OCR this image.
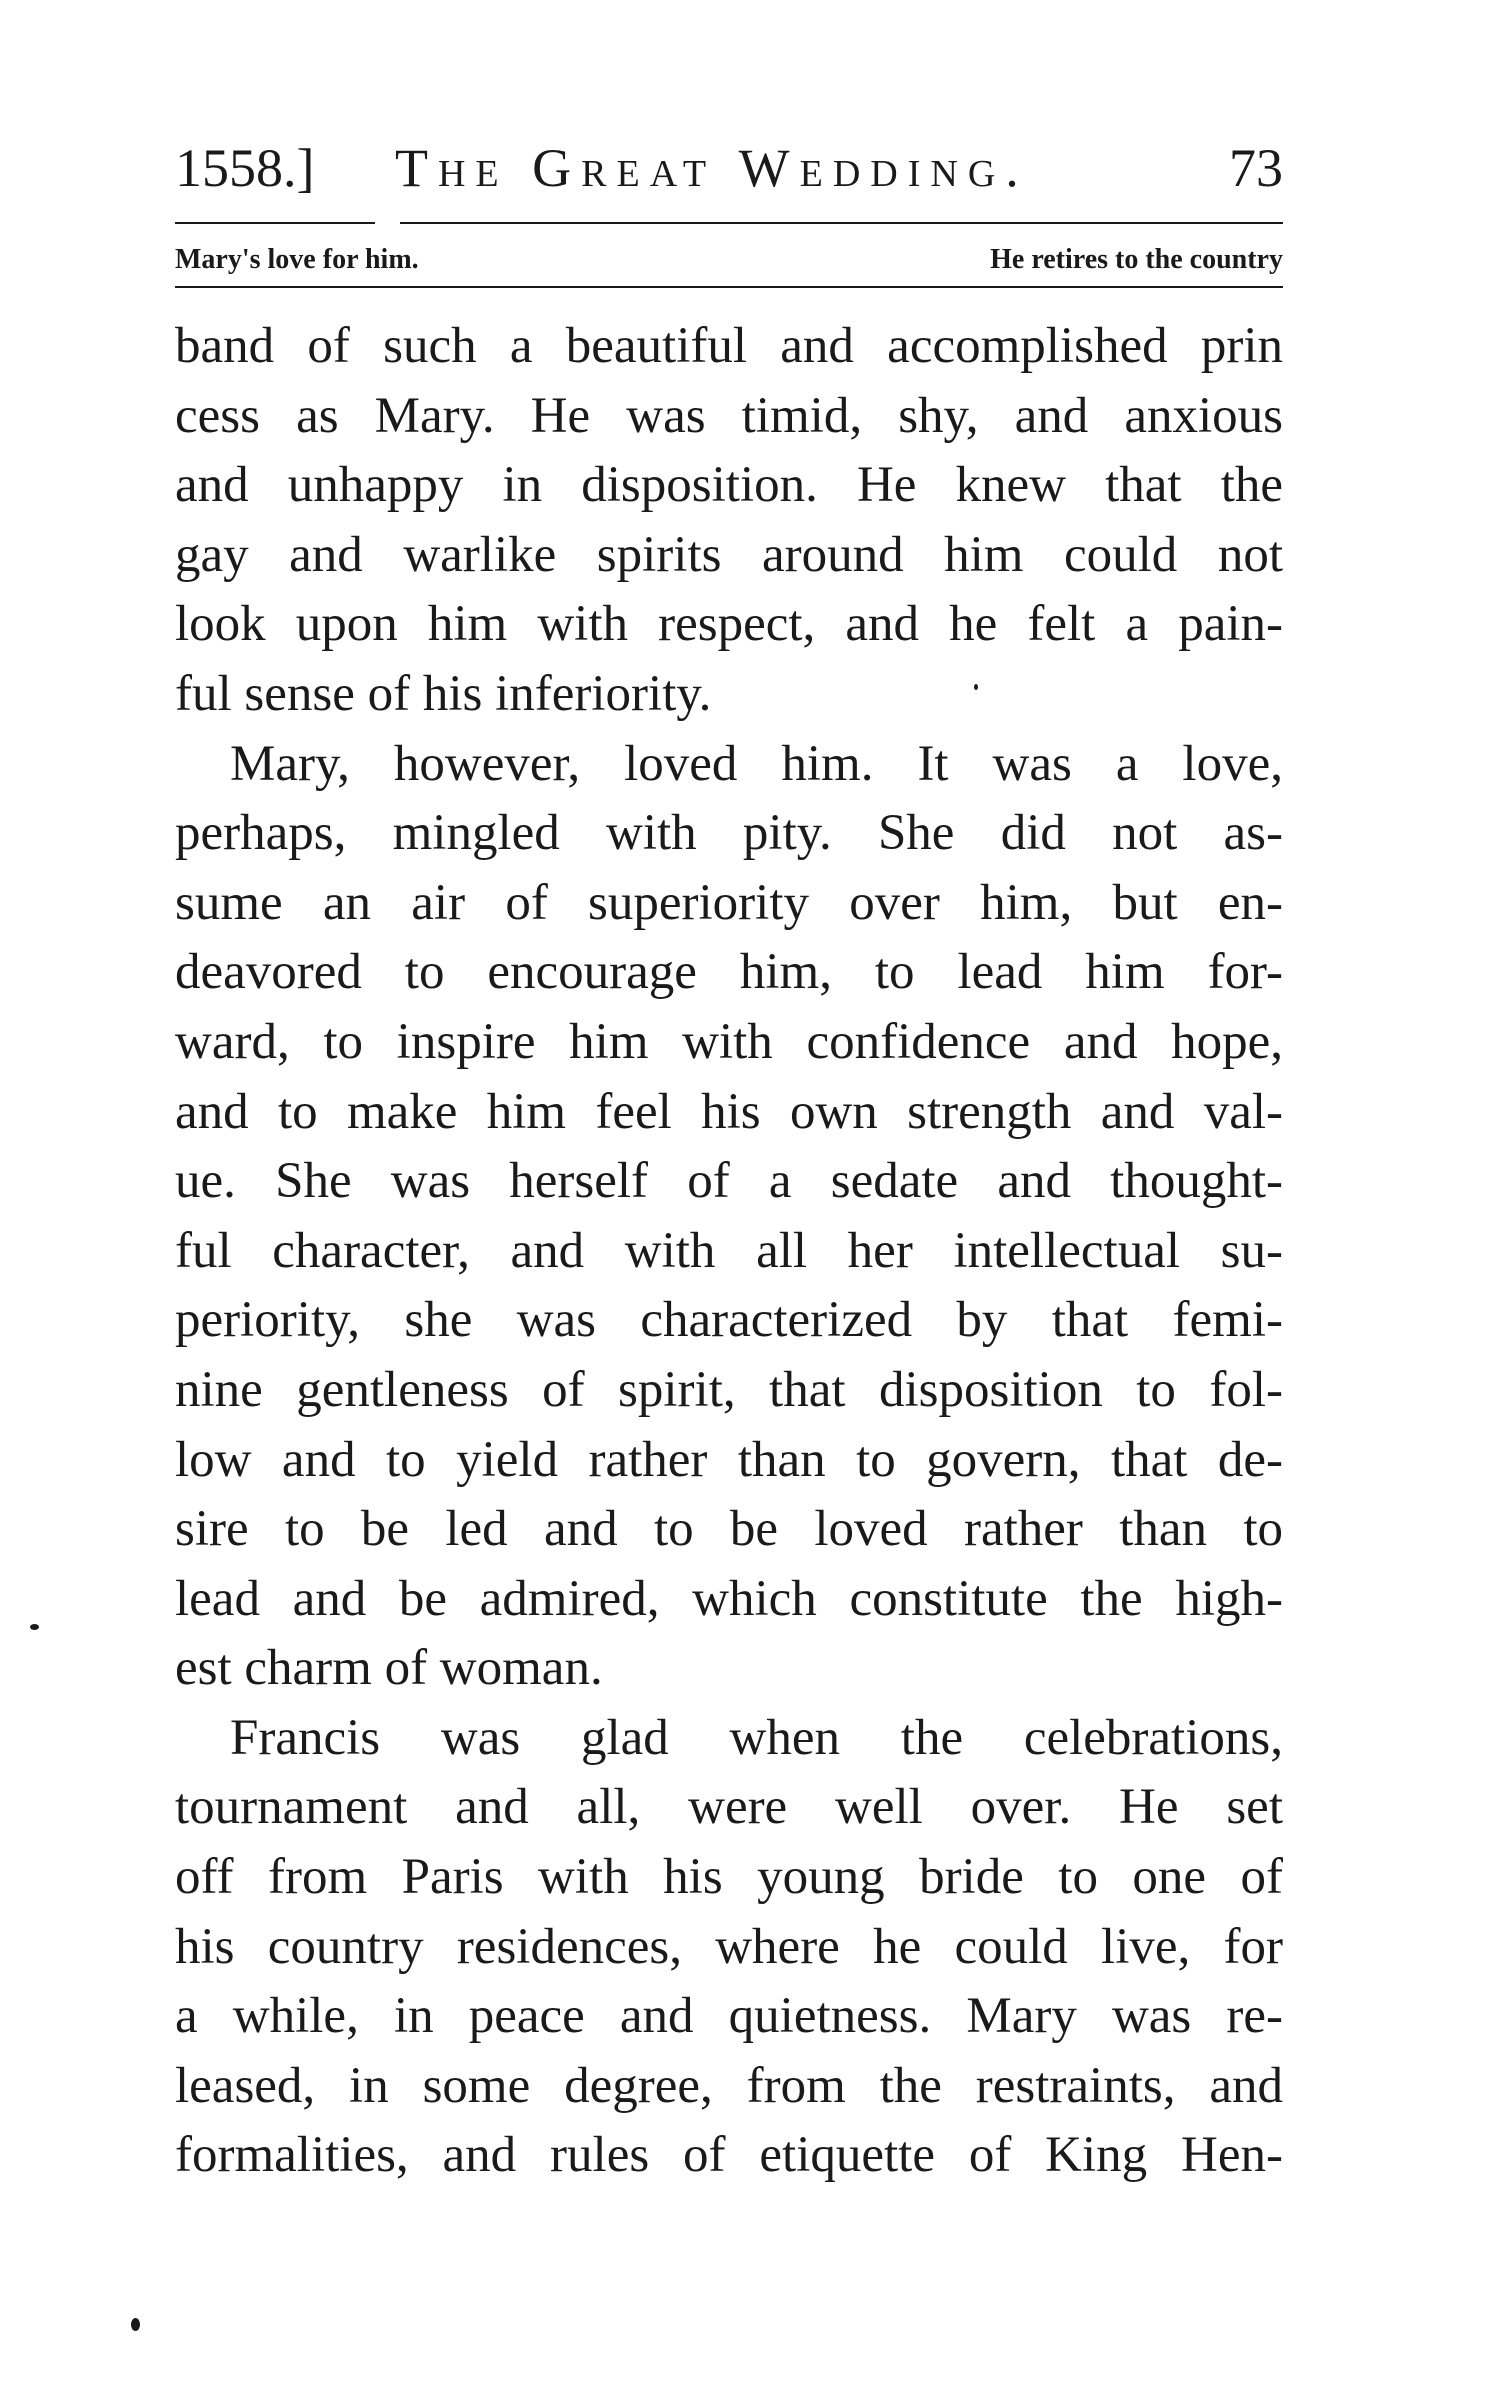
1558.] The Great Wedding.	73
Mary's love for him.	He retires to the country
band of such a beautiful and accomplished prin
cess as Mary. He was timid, shy, and anxious
and unhappy in disposition. He knew that the
gay and warlike spirits around him could not
look upon him with respect, and he felt a pain-
ful sense of his inferiority.
Mary, however, loved him. It was a love,
perhaps, mingled with pity. She did not as-
sume an air of superiority over him, but en-
deavored to encourage him, to lead him for-
ward, to inspire him with confidence and hope,
and to make him feel his own strength and val-
ue. She was herself of a sedate and thought-
ful character, and with all her intellectual su-
periority, she was characterized by that femi-
nine gentleness of spirit, that disposition to fol-
low and to yield rather than to govern, that de-
sire to be led and to be loved rather than to
lead and be admired, which constitute the high-
est charm of woman.
Francis was glad when the celebrations,
tournament and all, were well over. He set
off from Paris with his young bride to one of
his country residences, where he could live, for
a while, in peace and quietness. Mary was re-
leased, in some degree, from the restraints, and
formalities, and rules of etiquette of King Hen-
